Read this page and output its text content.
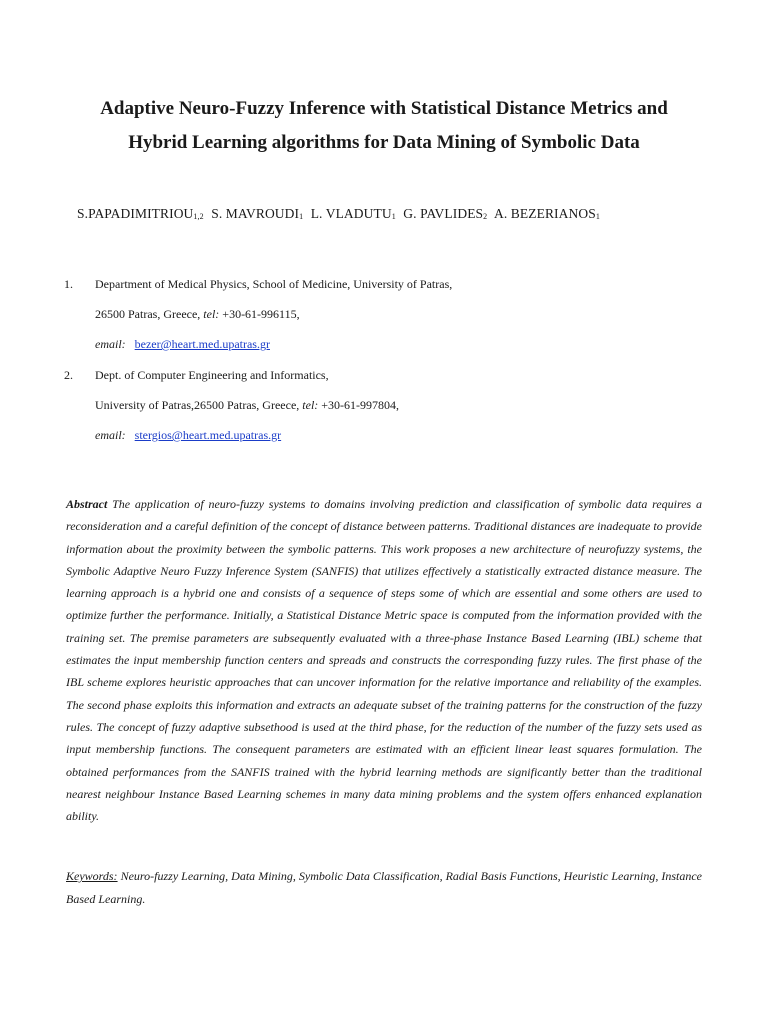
Adaptive Neuro-Fuzzy Inference with Statistical Distance Metrics and
Hybrid Learning algorithms for Data Mining of Symbolic Data
$S.PAPADIMITRIOU_{1,2}$ S. $MAVROUDI_1$ L. $VLADUTU_1$ G. $PAVLIDES_2$ A. $BEZERIANOS_1$
1. Department of Medical Physics, School of Medicine, University of Patras,
26500 Patras, Greece, tel: +30-61-996115,
email: bezer@heart.med.upatras.gr
2. Dept. of Computer Engineering and Informatics,
University of Patras,26500 Patras, Greece, tel: +30-61-997804,
email: stergios@heart.med.upatras.gr
Abstract The application of neuro-fuzzy systems to domains involving prediction and classification of symbolic data requires a reconsideration and a careful definition of the concept of distance between patterns. Traditional distances are inadequate to provide information about the proximity between the symbolic patterns. This work proposes a new architecture of neurofuzzy systems, the Symbolic Adaptive Neuro Fuzzy Inference System (SANFIS) that utilizes effectively a statistically extracted distance measure. The learning approach is a hybrid one and consists of a sequence of steps some of which are essential and some others are used to optimize further the performance. Initially, a Statistical Distance Metric space is computed from the information provided with the training set. The premise parameters are subsequently evaluated with a three-phase Instance Based Learning (IBL) scheme that estimates the input membership function centers and spreads and constructs the corresponding fuzzy rules. The first phase of the IBL scheme explores heuristic approaches that can uncover information for the relative importance and reliability of the examples. The second phase exploits this information and extracts an adequate subset of the training patterns for the construction of the fuzzy rules. The concept of fuzzy adaptive subsethood is used at the third phase, for the reduction of the number of the fuzzy sets used as input membership functions. The consequent parameters are estimated with an efficient linear least squares formulation. The obtained performances from the SANFIS trained with the hybrid learning methods are significantly better than the traditional nearest neighbour Instance Based Learning schemes in many data mining problems and the system offers enhanced explanation ability.
Keywords: Neuro-fuzzy Learning, Data Mining, Symbolic Data Classification, Radial Basis Functions, Heuristic Learning, Instance Based Learning.
